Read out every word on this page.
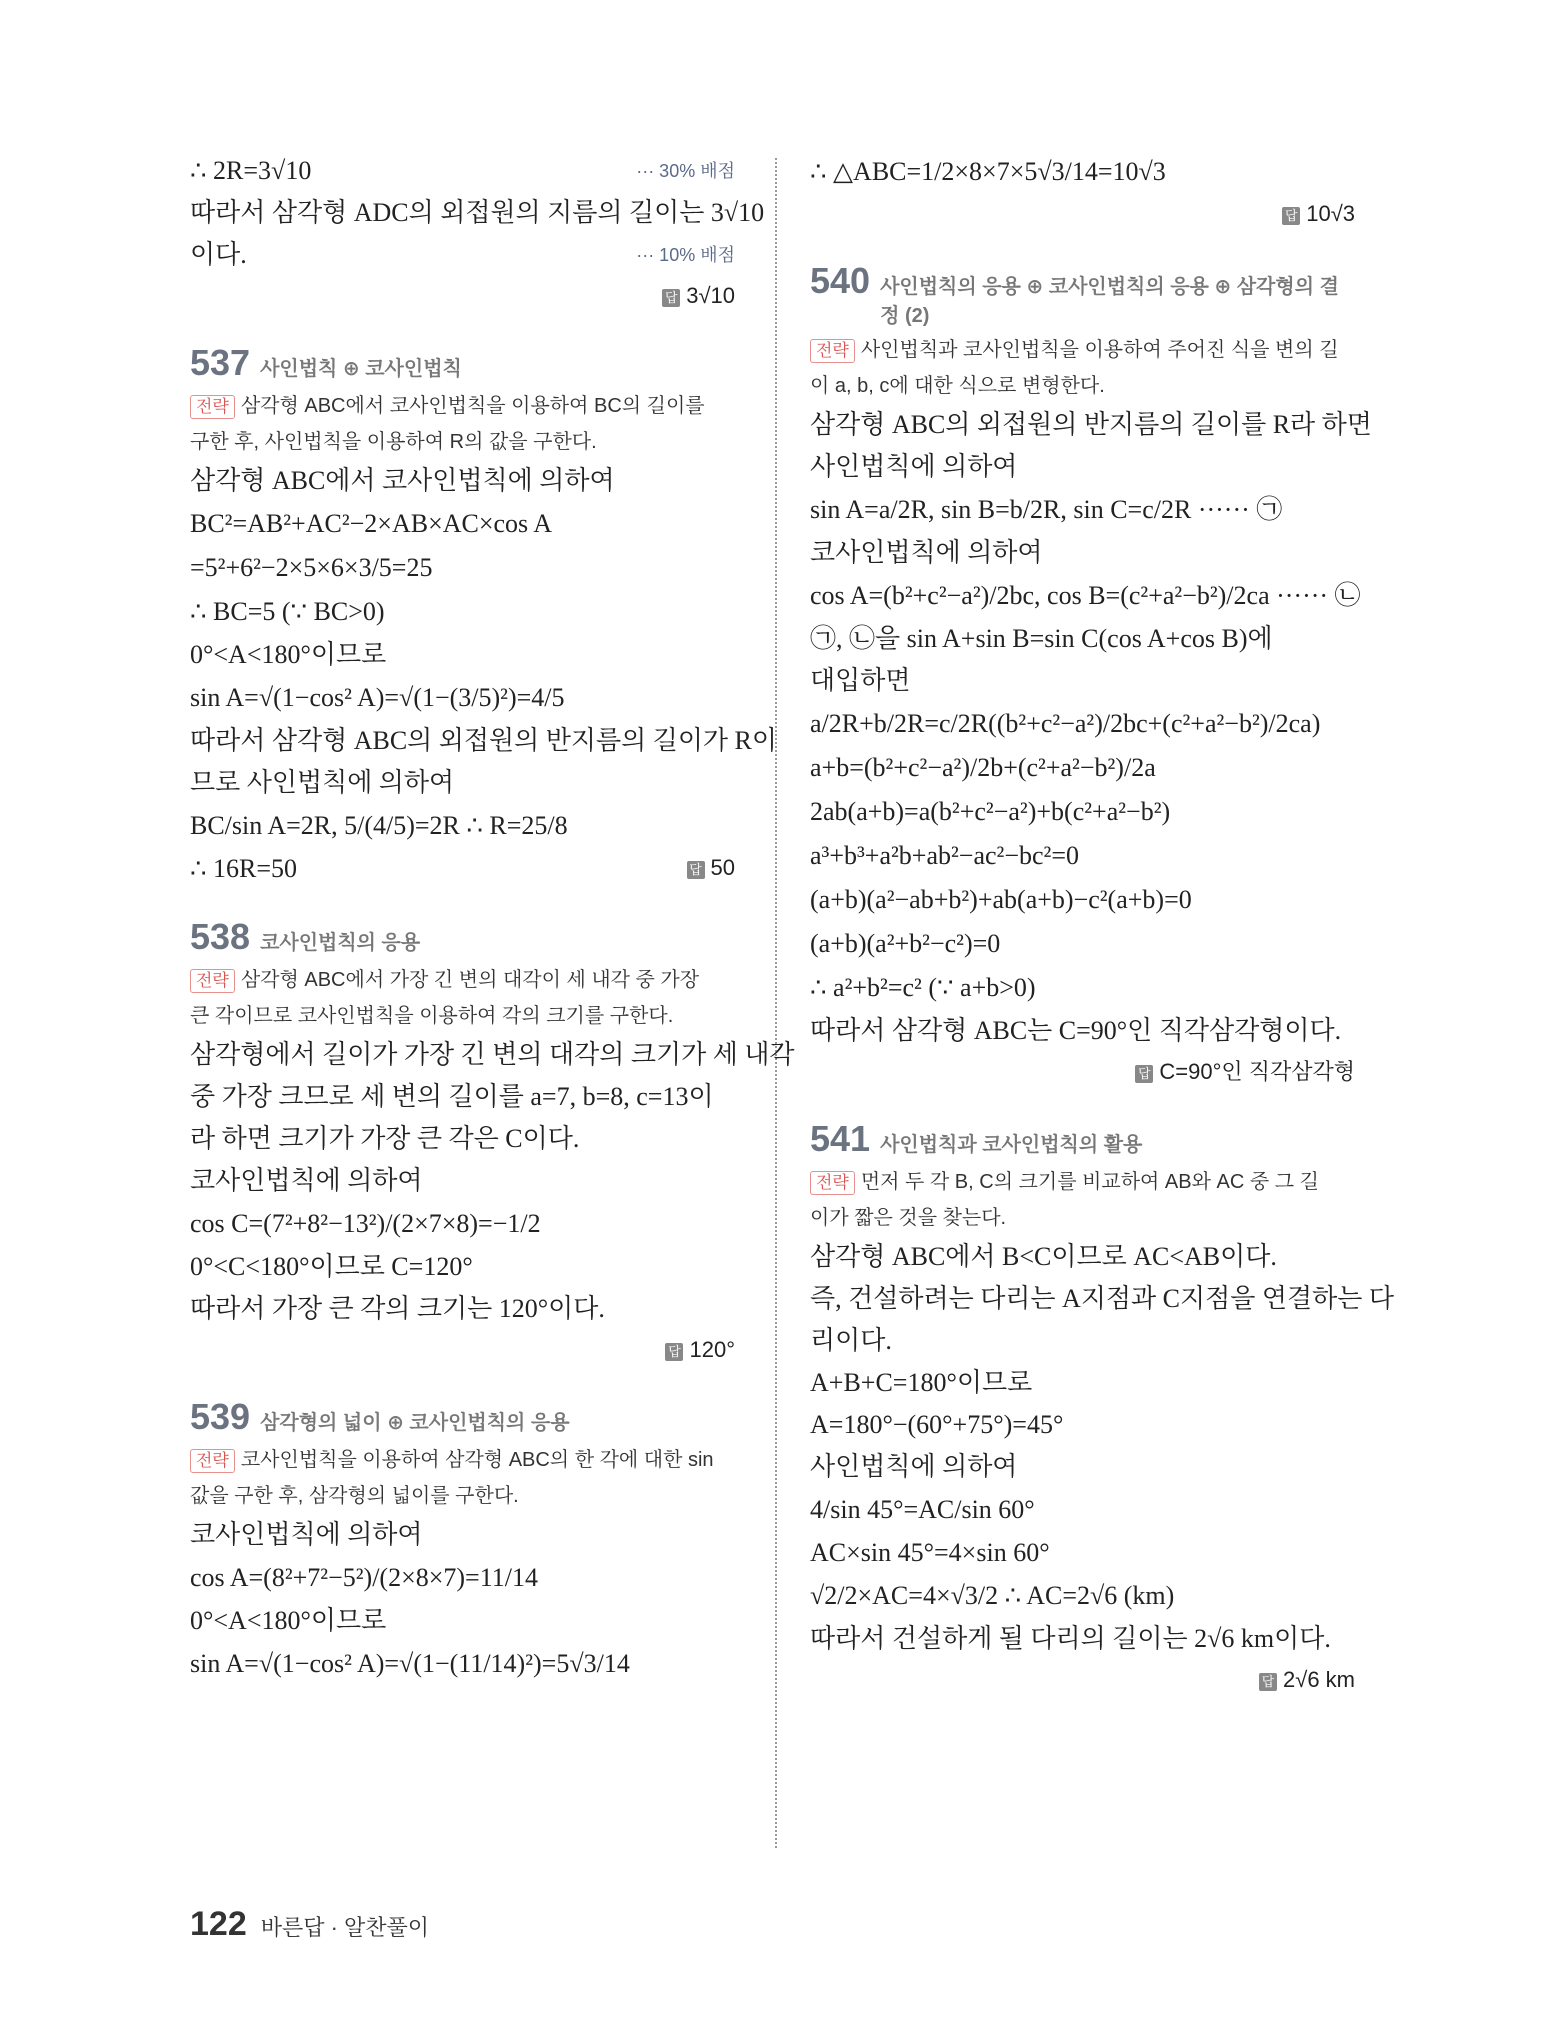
∴ 2R=3√10	··· 30% 배점
따라서 삼각형 ADC의 외접원의 지름의 길이는 3√10
이다.	··· 10% 배점
답 3√10
537 사인법칙 ⊕ 코사인법칙
전략 삼각형 ABC에서 코사인법칙을 이용하여 BC의 길이를
구한 후, 사인법칙을 이용하여 R의 값을 구한다.
삼각형 ABC에서 코사인법칙에 의하여
BC²=AB²+AC²−2×AB×AC×cos A
=5²+6²−2×5×6×3/5=25
∴ BC=5 (∵ BC>0)
0°<A<180°이므로
sin A=√(1−cos² A)=√(1−(3/5)²)=4/5
따라서 삼각형 ABC의 외접원의 반지름의 길이가 R이
므로 사인법칙에 의하여
BC/sin A=2R, 5/(4/5)=2R ∴ R=25/8
∴ 16R=50	답 50
538 코사인법칙의 응용
전략 삼각형 ABC에서 가장 긴 변의 대각이 세 내각 중 가장
큰 각이므로 코사인법칙을 이용하여 각의 크기를 구한다.
삼각형에서 길이가 가장 긴 변의 대각의 크기가 세 내각
중 가장 크므로 세 변의 길이를 a=7, b=8, c=13이
라 하면 크기가 가장 큰 각은 C이다.
코사인법칙에 의하여
cos C=(7²+8²−13²)/(2×7×8)=−1/2
0°<C<180°이므로 C=120°
따라서 가장 큰 각의 크기는 120°이다.
답 120°
539 삼각형의 넓이 ⊕ 코사인법칙의 응용
전략 코사인법칙을 이용하여 삼각형 ABC의 한 각에 대한 sin
값을 구한 후, 삼각형의 넓이를 구한다.
코사인법칙에 의하여
cos A=(8²+7²−5²)/(2×8×7)=11/14
0°<A<180°이므로
sin A=√(1−cos² A)=√(1−(11/14)²)=5√3/14
∴ △ABC=1/2×8×7×5√3/14=10√3
답 10√3
540 사인법칙의 응용 ⊕ 코사인법칙의 응용 ⊕ 삼각형의 결정 (2)
전략 사인법칙과 코사인법칙을 이용하여 주어진 식을 변의 길
이 a, b, c에 대한 식으로 변형한다.
삼각형 ABC의 외접원의 반지름의 길이를 R라 하면
사인법칙에 의하여
sin A=a/2R, sin B=b/2R, sin C=c/2R ······ ㉠
코사인법칙에 의하여
cos A=(b²+c²−a²)/2bc, cos B=(c²+a²−b²)/2ca ······ ㉡
㉠, ㉡을 sin A+sin B=sin C(cos A+cos B)에
대입하면
a/2R+b/2R=c/2R((b²+c²−a²)/2bc+(c²+a²−b²)/2ca)
a+b=(b²+c²−a²)/2b+(c²+a²−b²)/2a
2ab(a+b)=a(b²+c²−a²)+b(c²+a²−b²)
a³+b³+a²b+ab²−ac²−bc²=0
(a+b)(a²−ab+b²)+ab(a+b)−c²(a+b)=0
(a+b)(a²+b²−c²)=0
∴ a²+b²=c² (∵ a+b>0)
따라서 삼각형 ABC는 C=90°인 직각삼각형이다.
답 C=90°인 직각삼각형
541 사인법칙과 코사인법칙의 활용
전략 먼저 두 각 B, C의 크기를 비교하여 AB와 AC 중 그 길
이가 짧은 것을 찾는다.
삼각형 ABC에서 B<C이므로 AC<AB이다.
즉, 건설하려는 다리는 A지점과 C지점을 연결하는 다
리이다.
A+B+C=180°이므로
A=180°−(60°+75°)=45°
사인법칙에 의하여
4/sin 45°=AC/sin 60°
AC×sin 45°=4×sin 60°
√2/2×AC=4×√3/2 ∴ AC=2√6 (km)
따라서 건설하게 될 다리의 길이는 2√6 km이다.
답 2√6 km
122 바른답 · 알찬풀이
